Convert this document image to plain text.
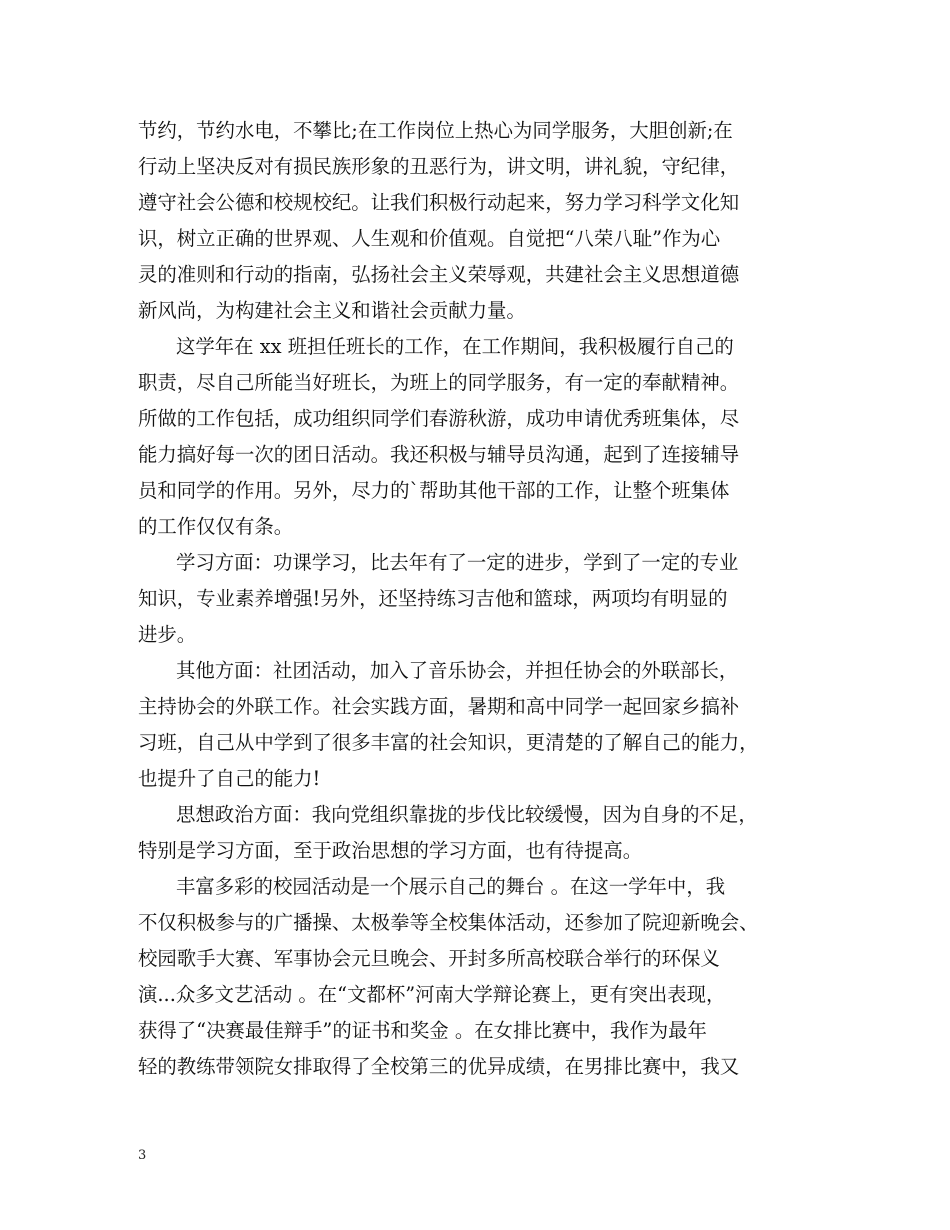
节约，节约水电，不攀比;在工作岗位上热心为同学服务，大胆创新;在
行动上坚决反对有损民族形象的丑恶行为，讲文明，讲礼貌，守纪律，
遵守社会公德和校规校纪。让我们积极行动起来，努力学习科学文化知
识，树立正确的世界观、人生观和价值观。自觉把“八荣八耻”作为心
灵的准则和行动的指南，弘扬社会主义荣辱观，共建社会主义思想道德
新风尚，为构建社会主义和谐社会贡献力量。
这学年在 xx 班担任班长的工作，在工作期间，我积极履行自己的
职责，尽自己所能当好班长，为班上的同学服务，有一定的奉献精神。
所做的工作包括，成功组织同学们春游秋游，成功申请优秀班集体，尽
能力搞好每一次的团日活动。我还积极与辅导员沟通，起到了连接辅导
员和同学的作用。另外，尽力的`帮助其他干部的工作，让整个班集体
的工作仅仅有条。
学习方面：功课学习，比去年有了一定的进步，学到了一定的专业
知识，专业素养增强!另外，还坚持练习吉他和篮球，两项均有明显的
进步。
其他方面：社团活动，加入了音乐协会，并担任协会的外联部长，
主持协会的外联工作。社会实践方面，暑期和高中同学一起回家乡搞补
习班，自己从中学到了很多丰富的社会知识，更清楚的了解自己的能力，
也提升了自己的能力!
思想政治方面：我向党组织靠拢的步伐比较缓慢，因为自身的不足，
特别是学习方面，至于政治思想的学习方面，也有待提高。
丰富多彩的校园活动是一个展示自己的舞台 。在这一学年中，我
不仅积极参与的广播操、太极拳等全校集体活动，还参加了院迎新晚会、
校园歌手大赛、军事协会元旦晚会、开封多所高校联合举行的环保义
演...众多文艺活动 。在“文都杯”河南大学辩论赛上，更有突出表现，
获得了“决赛最佳辩手”的证书和奖金 。在女排比赛中，我作为最年
轻的教练带领院女排取得了全校第三的优异成绩，在男排比赛中，我又
3
